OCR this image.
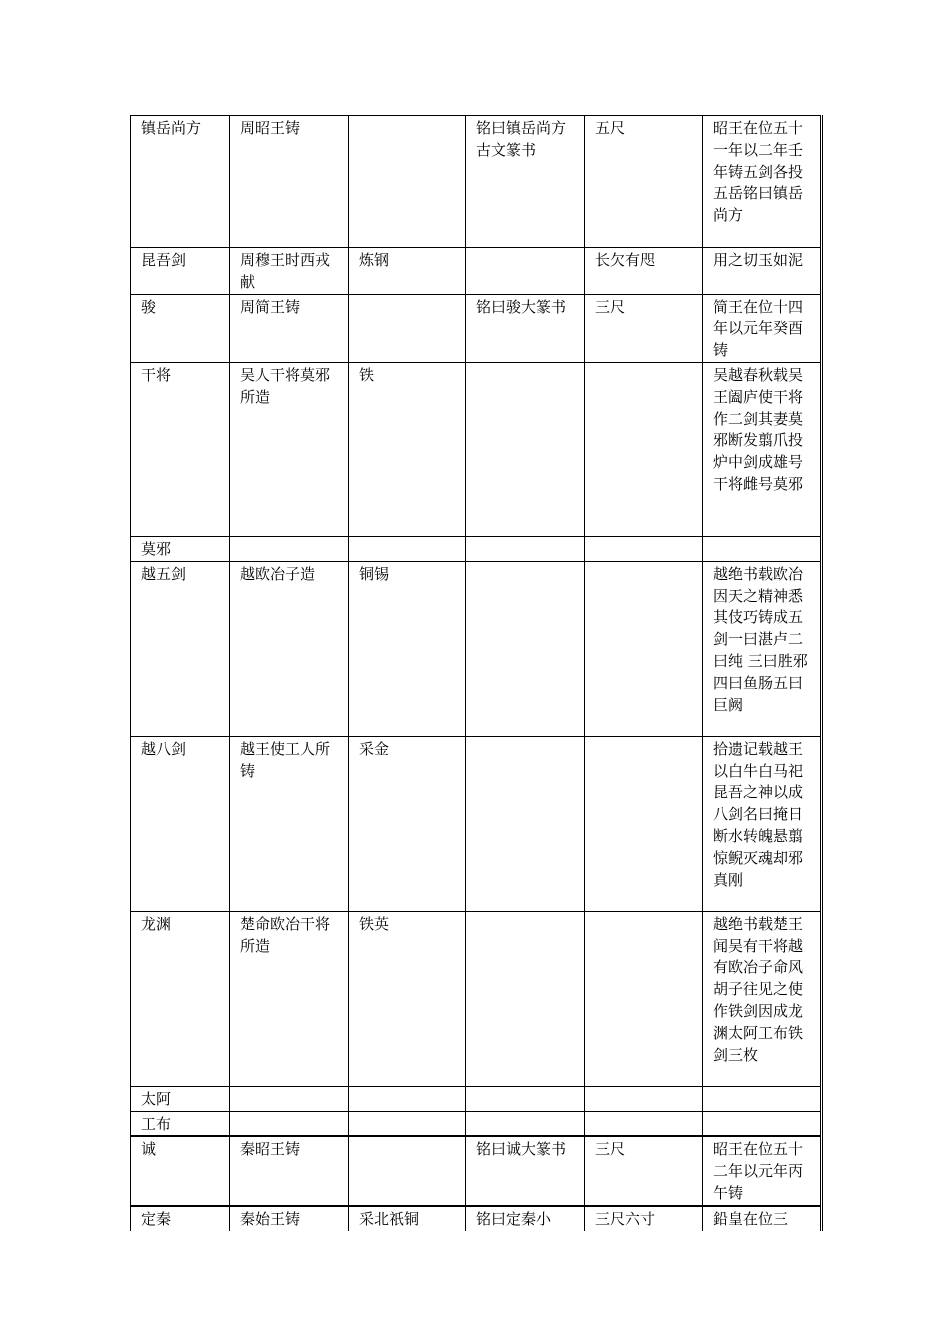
镇岳尚方	周昭王铸		铭曰镇岳尚方古文篆书	五尺	昭王在位五十一年以二年壬年铸五剑各投五岳铭曰镇岳尚方
昆吾剑	周穆王时西戎献	炼钢		长欠有咫	用之切玉如泥
骏	周简王铸		铭曰骏大篆书	三尺	简王在位十四年以元年癸酉铸
干将	吴人干将莫邪所造	铁			吴越春秋载吴王阖庐使干将作二剑其妻莫邪断发翦爪投炉中剑成雄号干将雌号莫邪
莫邪					
越五剑	越欧冶子造	铜锡			越绝书载欧冶因天之精神悉其伎巧铸成五剑一曰湛卢二曰纯 三曰胜邪四曰鱼肠五曰巨阙
越八剑	越王使工人所铸	采金			拾遗记载越王以白牛白马祀昆吾之神以成八剑名曰掩日断水转魄悬翦惊鲵灭魂却邪真刚
龙渊	楚命欧冶干将所造	铁英			越绝书载楚王闻吴有干将越有欧冶子命风胡子往见之使作铁剑因成龙渊太阿工布铁剑三枚
太阿					
工布					
诚	秦昭王铸		铭曰诚大篆书	三尺	昭王在位五十二年以元年丙午铸
定秦	秦始王铸	采北祇铜	铭曰定秦小	三尺六寸	鉛皇在位三
